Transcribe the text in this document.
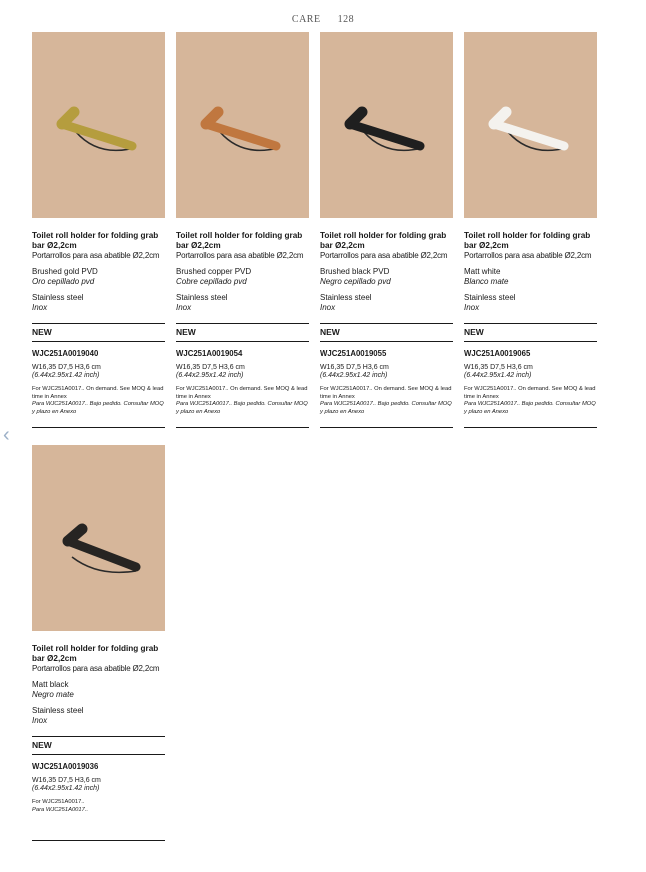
CARE 128
‹
Toilet roll holder for folding grab bar Ø2,2cm
Portarrollos para asa abatible Ø2,2cm
Brushed gold PVD
Oro cepillado pvd
Stainless steel
Inox
NEW
WJC251A0019040
W16,35 D7,5 H3,6 cm
(6.44x2.95x1.42 inch)
For WJC251A0017.. On demand. See MOQ & lead time in Annex
Para WJC251A0017.. Bajo pedido. Consultar MOQ y plazo en Anexo
Toilet roll holder for folding grab bar Ø2,2cm
Portarrollos para asa abatible Ø2,2cm
Brushed copper PVD
Cobre cepillado pvd
Stainless steel
Inox
NEW
WJC251A0019054
W16,35 D7,5 H3,6 cm
(6.44x2.95x1.42 inch)
For WJC251A0017.. On demand. See MOQ & lead time in Annex
Para WJC251A0017.. Bajo pedido. Consultar MOQ y plazo en Anexo
Toilet roll holder for folding grab bar Ø2,2cm
Portarrollos para asa abatible Ø2,2cm
Brushed black PVD
Negro cepillado pvd
Stainless steel
Inox
NEW
WJC251A0019055
W16,35 D7,5 H3,6 cm
(6.44x2.95x1.42 inch)
For WJC251A0017.. On demand. See MOQ & lead time in Annex
Para WJC251A0017.. Bajo pedido. Consultar MOQ y plazo en Anexo
Toilet roll holder for folding grab bar Ø2,2cm
Portarrollos para asa abatible Ø2,2cm
Matt white
Blanco mate
Stainless steel
Inox
NEW
WJC251A0019065
W16,35 D7,5 H3,6 cm
(6.44x2.95x1.42 inch)
For WJC251A0017.. On demand. See MOQ & lead time in Annex
Para WJC251A0017.. Bajo pedido. Consultar MOQ y plazo en Anexo
Toilet roll holder for folding grab bar Ø2,2cm
Portarrollos para asa abatible Ø2,2cm
Matt black
Negro mate
Stainless steel
Inox
NEW
WJC251A0019036
W16,35 D7,5 H3,6 cm
(6.44x2.95x1.42 inch)
For WJC251A0017..
Para WJC251A0017..
